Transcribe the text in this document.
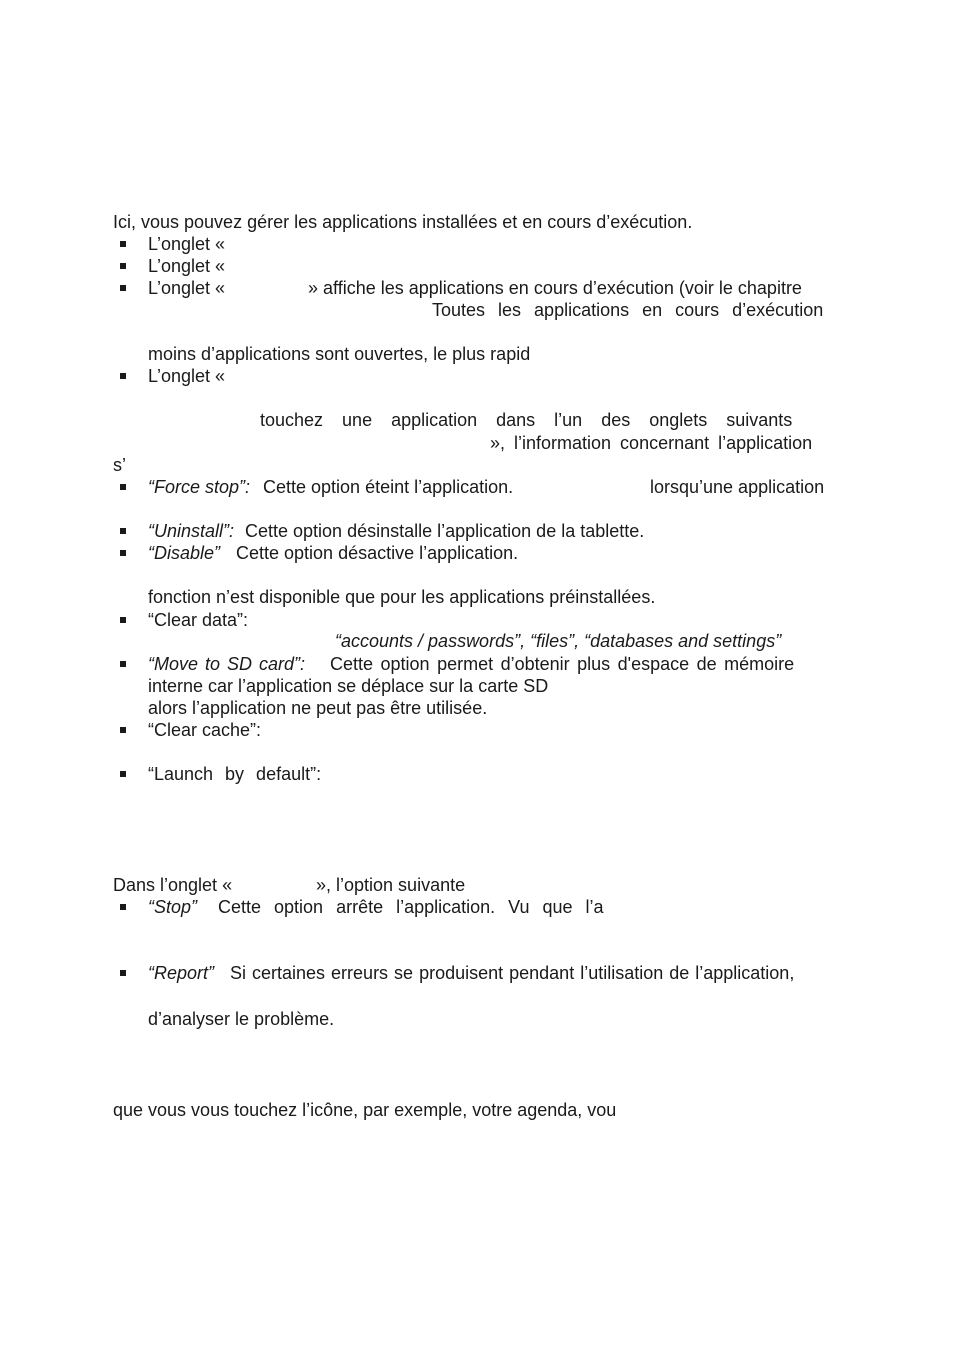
Ici, vous pouvez gérer les applications installées et en cours d’exécution.
L’onglet «
L’onglet «
L’onglet «	» affiche les applications en cours d’exécution (voir le chapitre
Toutes les applications en cours d’exécution
moins d’applications sont ouvertes, le plus rapid
L’onglet «
touchez une application dans l’un des onglets suivants
», l’information concernant l’application
s’
“Force stop”: Cette option éteint l’application.	lorsqu’une application
“Uninstall”: Cette option désinstalle l’application de la tablette.
“Disable” Cette option désactive l’application.
fonction n’est disponible que pour les applications préinstallées.
“Clear data”:
“accounts / passwords”, “files”, “databases and settings”
“Move to SD card”: Cette option permet d’obtenir plus d'espace de mémoire
interne car l’application se déplace sur la carte SD
alors l’application ne peut pas être utilisée.
“Clear cache”:
“Launch by default”:
Dans l’onglet «	», l’option suivante
“Stop” Cette option arrête l’application. Vu que l’a
“Report” Si certaines erreurs se produisent pendant l’utilisation de l’application,
d’analyser le problème.
que vous vous touchez l’icône, par exemple, votre agenda, vou
